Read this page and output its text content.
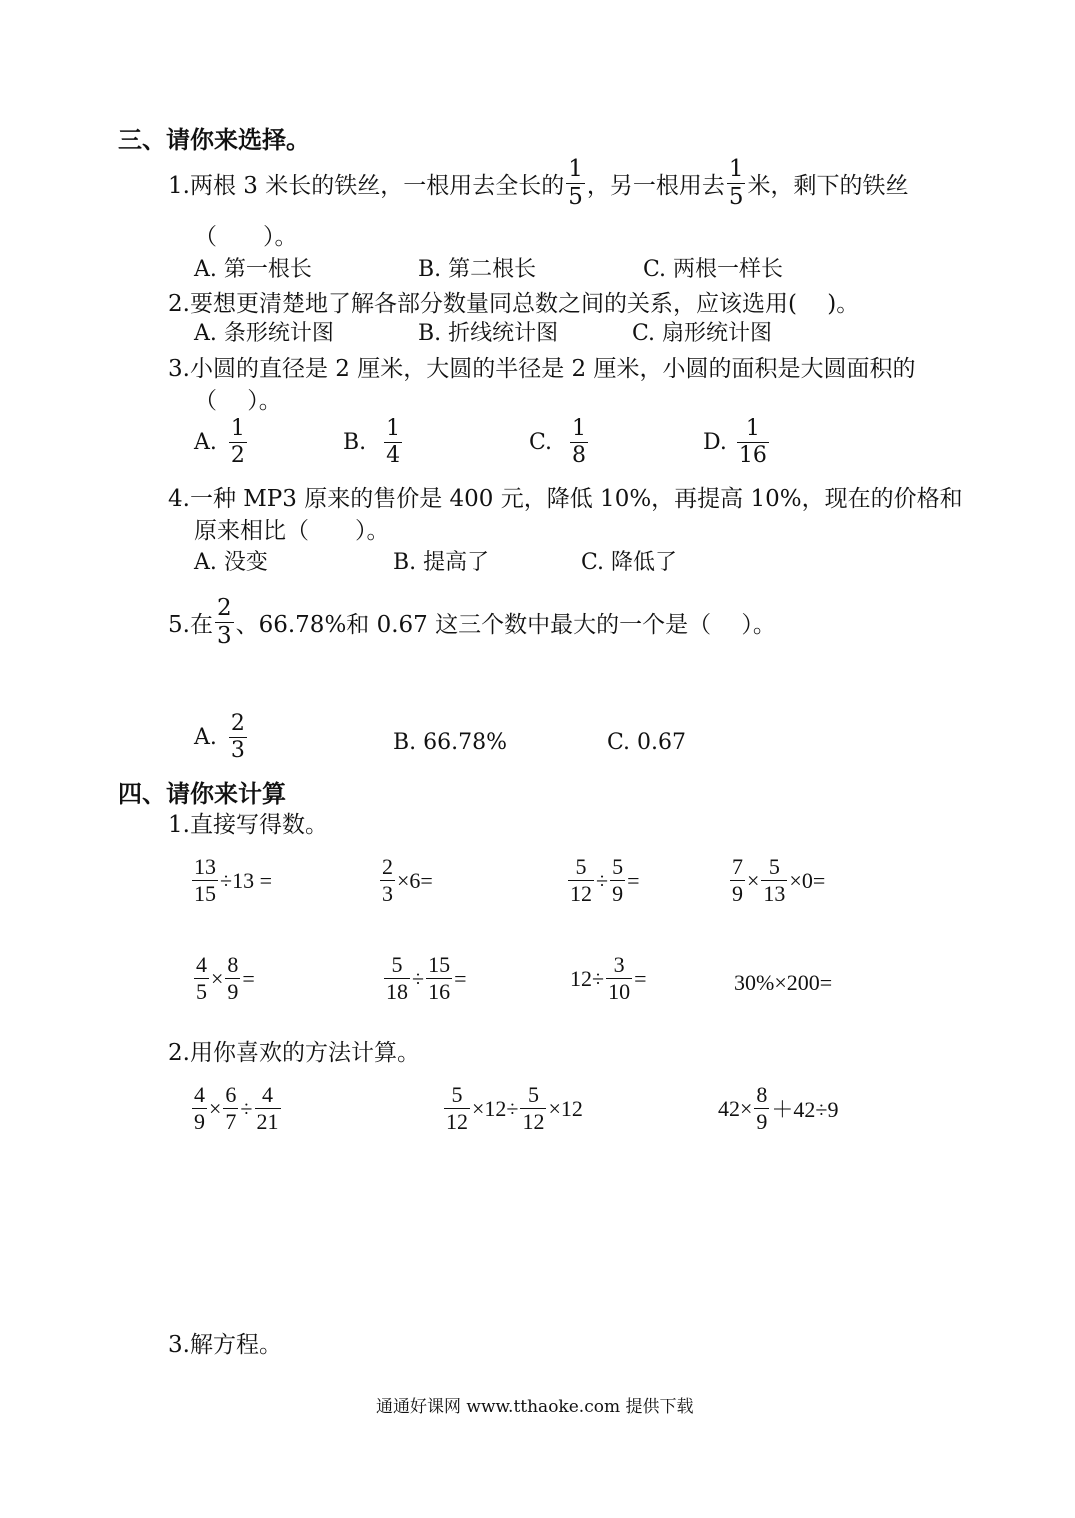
三、请你来选择。
1.两根 3 米长的铁丝，一根用去全长的 $\frac{1}{5}$ ，另一根用去 $\frac{1}{5}$ 米，剩下的铁丝
（　　）。
A. 第一根长	B. 第二根长	C. 两根一样长
2.要想更清楚地了解各部分数量同总数之间的关系，应该选用(　 )。
A. 条形统计图	B. 折线统计图	C. 扇形统计图
3.小圆的直径是 2 厘米，大圆的半径是 2 厘米，小圆的面积是大圆面积的
（　 ）。
A. $\frac{1}{2}$	B. $\frac{1}{4}$	C. $\frac{1}{8}$	D. $\frac{1}{16}$
4.一种 MP3 原来的售价是 400 元，降低 10%，再提高 10%，现在的价格和
原来相比（　　）。
A. 没变	B. 提高了	C. 降低了
5.在 $\frac{2}{3}$ 、66.78%和 0.67 这三个数中最大的一个是（　 ）。
A. $\frac{2}{3}$	B. 66.78%	C. 0.67
四、请你来计算
1.直接写得数。
$\frac{13}{15} \div 13$ =	$\frac{2}{3} \times 6=$	$\frac{5}{12} \div \frac{5}{9}$ =	$\frac{7}{9} \times \frac{5}{13} \times 0=$
$\frac{4}{5} \times \frac{8}{9}$ =	$\frac{5}{18} \div \frac{15}{16}$ =	$12\div \frac{3}{10}$ =	30%×200=
2.用你喜欢的方法计算。
$\frac{4}{9} \times \frac{6}{7} \div \frac{4}{21}$	$\frac{5}{12} \times 12\div \frac{5}{12} \times 12$	$42\times \frac{8}{9} +42\div 9$
3.解方程。
通通好课网 www.tthaoke.com 提供下载
